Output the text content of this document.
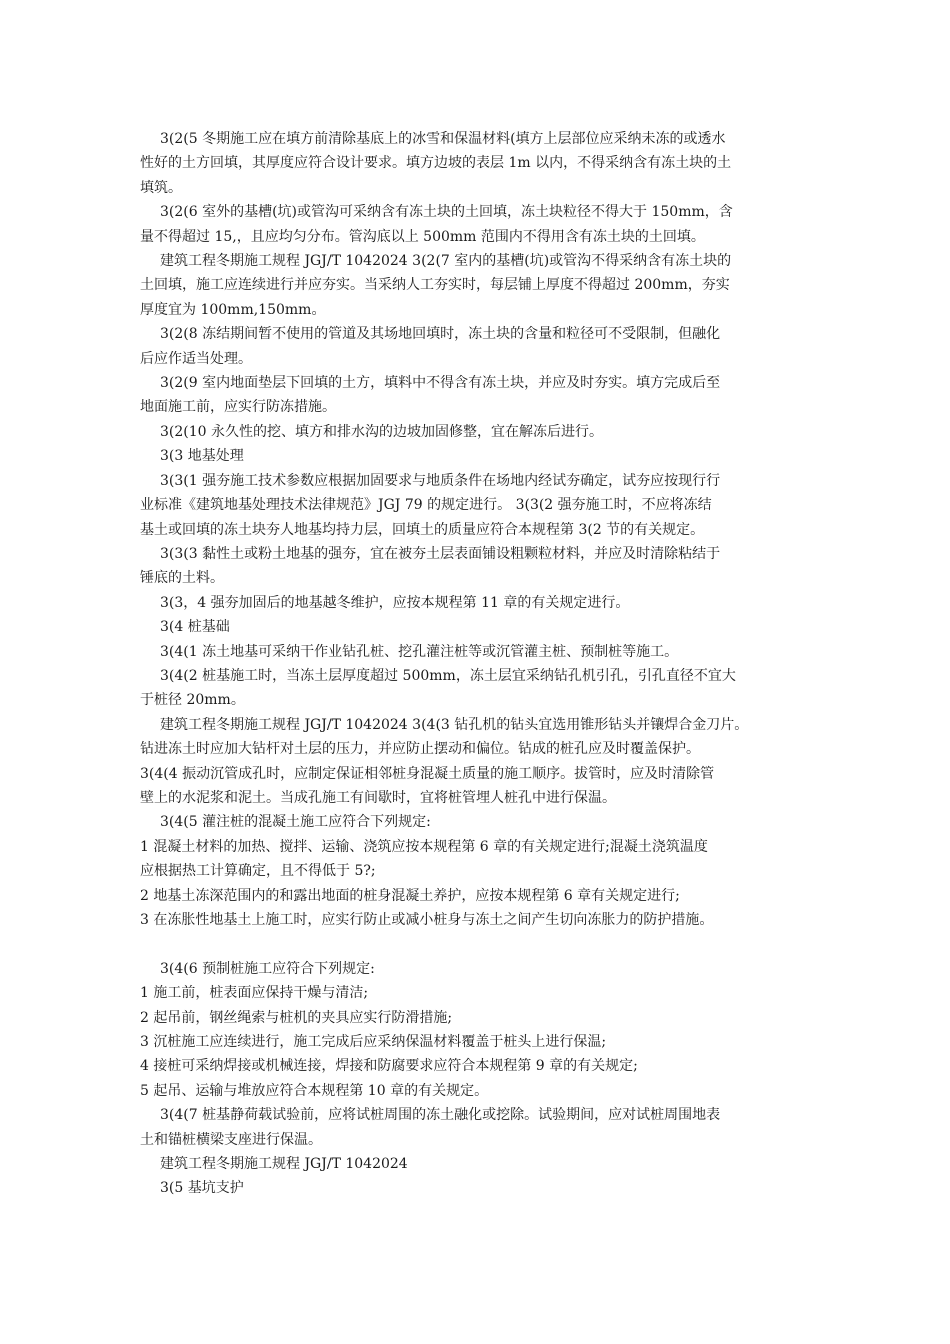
3(2(5 冬期施工应在填方前清除基底上的冰雪和保温材料(填方上层部位应采纳未冻的或透水

性好的土方回填，其厚度应符合设计要求。填方边坡的表层 1m 以内，不得采纳含有冻土块的土

填筑。

3(2(6 室外的基槽(坑)或管沟可采纳含有冻土块的土回填，冻土块粒径不得大于 150mm，含

量不得超过 15,，且应均匀分布。管沟底以上 500mm 范围内不得用含有冻土块的土回填。

建筑工程冬期施工规程 JGJ/T 1042024 3(2(7 室内的基槽(坑)或管沟不得采纳含有冻土块的

土回填，施工应连续进行并应夯实。当采纳人工夯实时，每层铺上厚度不得超过 200mm，夯实

厚度宜为 100mm,150mm。

3(2(8 冻结期间暂不使用的管道及其场地回填时，冻土块的含量和粒径可不受限制，但融化

后应作适当处理。

3(2(9 室内地面垫层下回填的土方，填料中不得含有冻土块，并应及时夯实。填方完成后至

地面施工前，应实行防冻措施。

3(2(10 永久性的挖、填方和排水沟的边坡加固修整，宜在解冻后进行。

3(3 地基处理

3(3(1 强夯施工技术参数应根据加固要求与地质条件在场地内经试夯确定，试夯应按现行行

业标准《建筑地基处理技术法律规范》JGJ 79 的规定进行。 3(3(2 强夯施工时，不应将冻结

基土或回填的冻土块夯人地基均持力层，回填土的质量应符合本规程第 3(2 节的有关规定。

3(3(3 黏性土或粉土地基的强夯，宜在被夯土层表面铺设粗颗粒材料，并应及时清除粘结于

锤底的土料。

3(3，4 强夯加固后的地基越冬维护，应按本规程第 11 章的有关规定进行。

3(4 桩基础

3(4(1 冻土地基可采纳干作业钻孔桩、挖孔灌注桩等或沉管灌主桩、预制桩等施工。

3(4(2 桩基施工时，当冻土层厚度超过 500mm，冻土层宜采纳钻孔机引孔，引孔直径不宜大

于桩径 20mm。

建筑工程冬期施工规程 JGJ/T 1042024 3(4(3 钻孔机的钻头宜选用锥形钻头并镶焊合金刀片。

钻进冻土时应加大钻杆对土层的压力，并应防止摆动和偏位。钻成的桩孔应及时覆盖保护。

3(4(4 振动沉管成孔时，应制定保证相邻桩身混凝土质量的施工顺序。拔管时，应及时清除管

壁上的水泥浆和泥土。当成孔施工有间歇时，宜将桩管埋人桩孔中进行保温。

3(4(5 灌注桩的混凝土施工应符合下列规定:

1 混凝土材料的加热、搅拌、运输、浇筑应按本规程第 6 章的有关规定进行;混凝土浇筑温度

应根据热工计算确定，且不得低于 5?;

2 地基土冻深范围内的和露出地面的桩身混凝土养护，应按本规程第 6 章有关规定进行;

3 在冻胀性地基土上施工时，应实行防止或减小桩身与冻土之间产生切向冻胀力的防护措施。

3(4(6 预制桩施工应符合下列规定:

1 施工前，桩表面应保持干燥与清洁;

2 起吊前，钢丝绳索与桩机的夹具应实行防滑措施;

3 沉桩施工应连续进行，施工完成后应采纳保温材料覆盖于桩头上进行保温;

4 接桩可采纳焊接或机械连接，焊接和防腐要求应符合本规程第 9 章的有关规定;

5 起吊、运输与堆放应符合本规程第 10 章的有关规定。

3(4(7 桩基静荷载试验前，应将试桩周围的冻土融化或挖除。试验期间，应对试桩周围地表

土和锚桩横梁支座进行保温。

建筑工程冬期施工规程 JGJ/T 1042024

3(5 基坑支护
